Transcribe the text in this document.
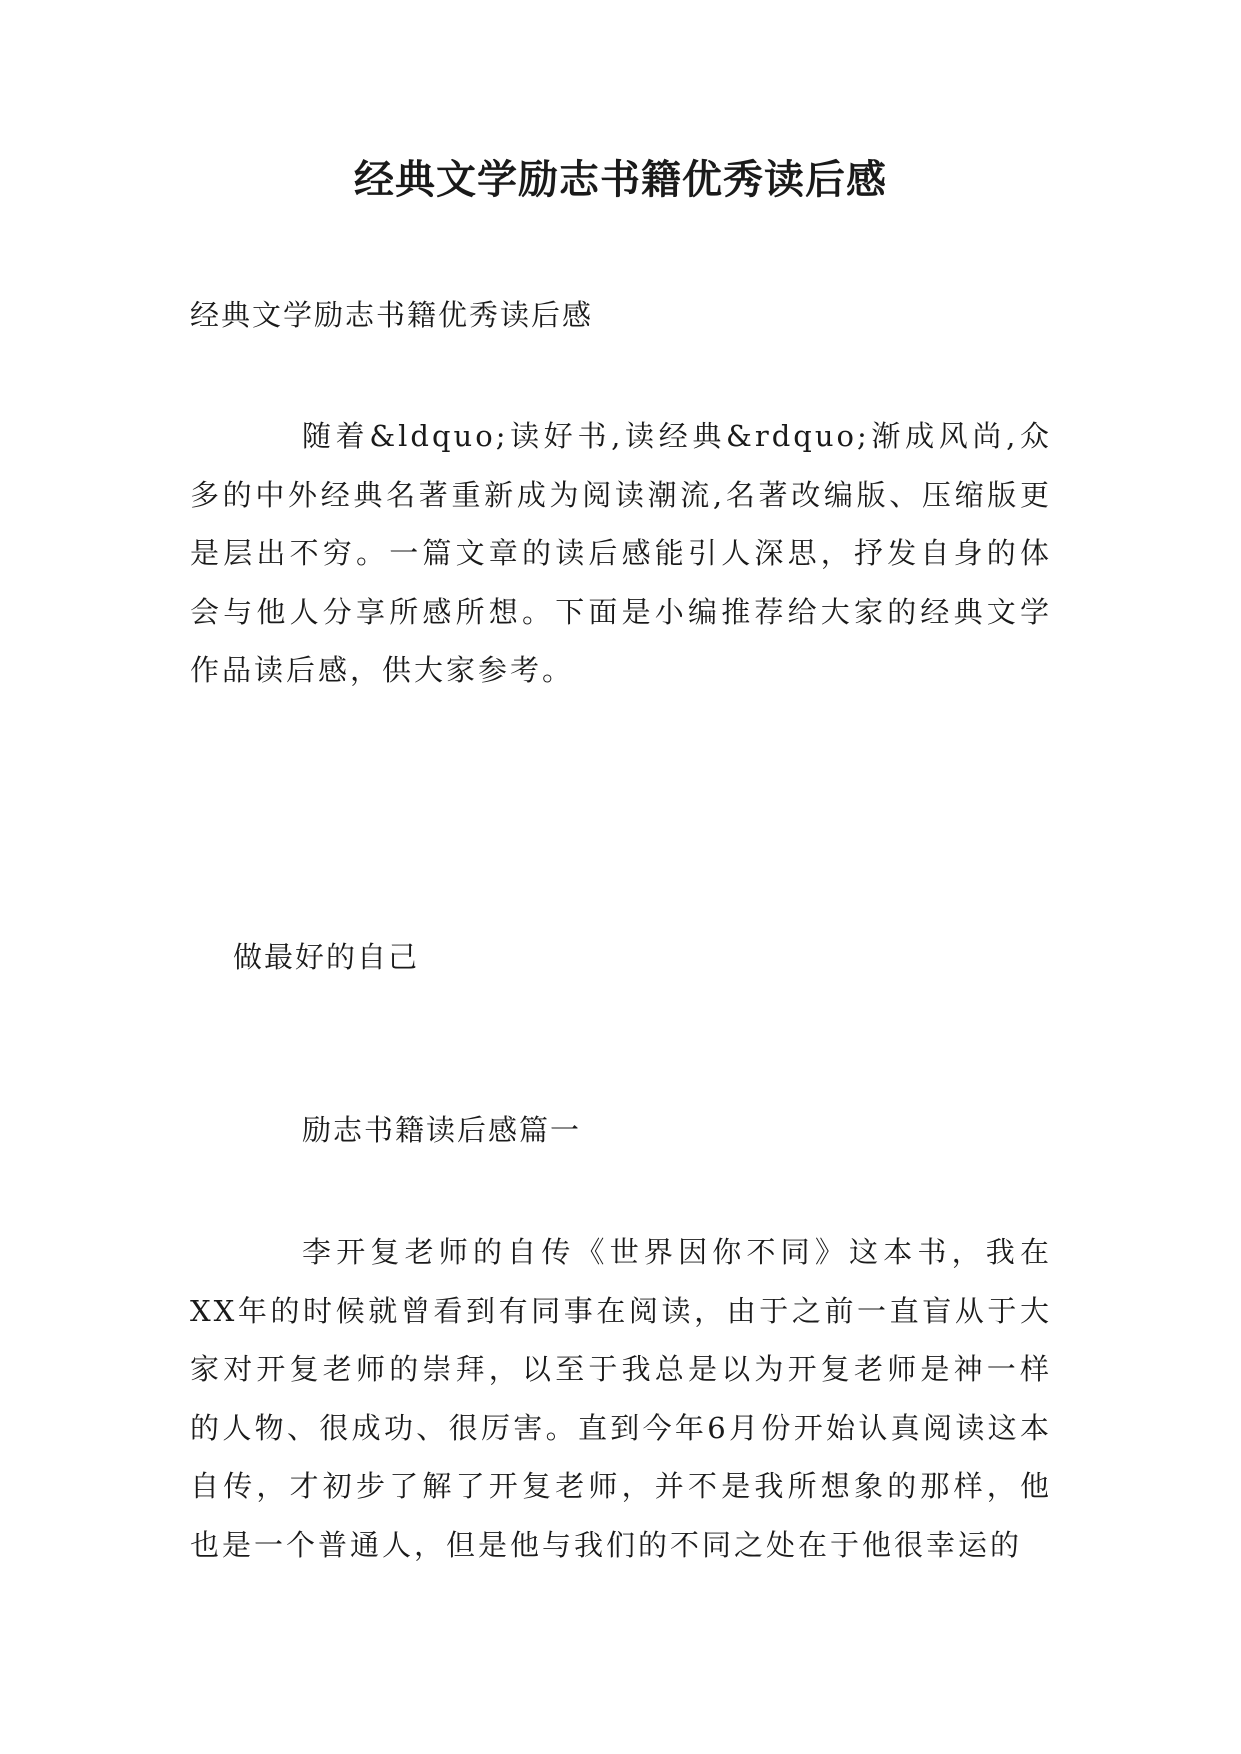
经典文学励志书籍优秀读后感
经典文学励志书籍优秀读后感

随着&ldquo;读好书,读经典&rdquo;渐成风尚,众多的中外经典名著重新成为阅读潮流,名著改编版、压缩版更是层出不穷。一篇文章的读后感能引人深思，抒发自身的体会与他人分享所感所想。下面是小编推荐给大家的经典文学作品读后感，供大家参考。

做最好的自己
励志书籍读后感篇一

李开复老师的自传《世界因你不同》这本书，我在XX年的时候就曾看到有同事在阅读，由于之前一直盲从于大家对开复老师的崇拜，以至于我总是以为开复老师是神一样的人物、很成功、很厉害。直到今年6月份开始认真阅读这本自传，才初步了解了开复老师，并不是我所想象的那样，他也是一个普通人，但是他与我们的不同之处在于他很幸运的
